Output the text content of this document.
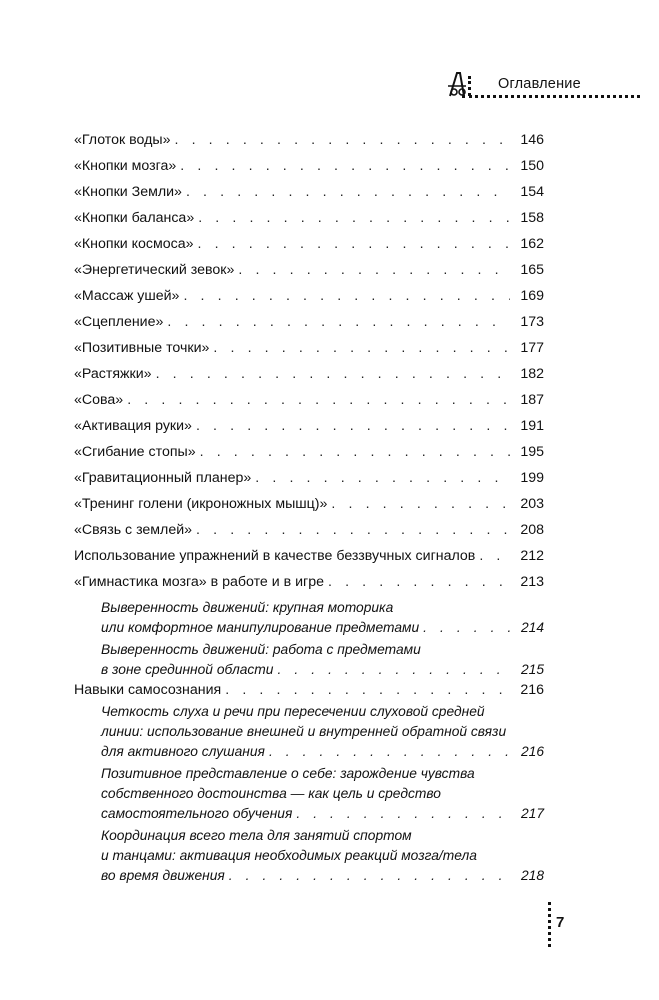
Оглавление
«Глоток воды» . . .	146
«Кнопки мозга» . . .	150
«Кнопки Земли» . . .	154
«Кнопки баланса» . . .	158
«Кнопки космоса» . . .	162
«Энергетический зевок» . . .	165
«Массаж ушей» . . .	169
«Сцепление» . . .	173
«Позитивные точки» . . .	177
«Растяжки» . . .	182
«Сова» . . .	187
«Активация руки» . . .	191
«Сгибание стопы» . . .	195
«Гравитационный планер» . . .	199
«Тренинг голени (икроножных мышц)» . . .	203
«Связь с землей» . . .	208
Использование упражнений в качестве беззвучных сигналов . . .	212
«Гимнастика мозга» в работе и в игре . . .	213
Выверенность движений: крупная моторика
или комфортное манипулирование предметами . . .	214
Выверенность движений: работа с предметами
в зоне срединной области . . .	215
Навыки самосознания . . .	216
Четкость слуха и речи при пересечении слуховой средней
линии: использование внешней и внутренней обратной связи
для активного слушания . . .	216
Позитивное представление о себе: зарождение чувства
собственного достоинства — как цель и средство
самостоятельного обучения . . .	217
Координация всего тела для занятий спортом
и танцами: активация необходимых реакций мозга/тела
во время движения . . .	218
7
